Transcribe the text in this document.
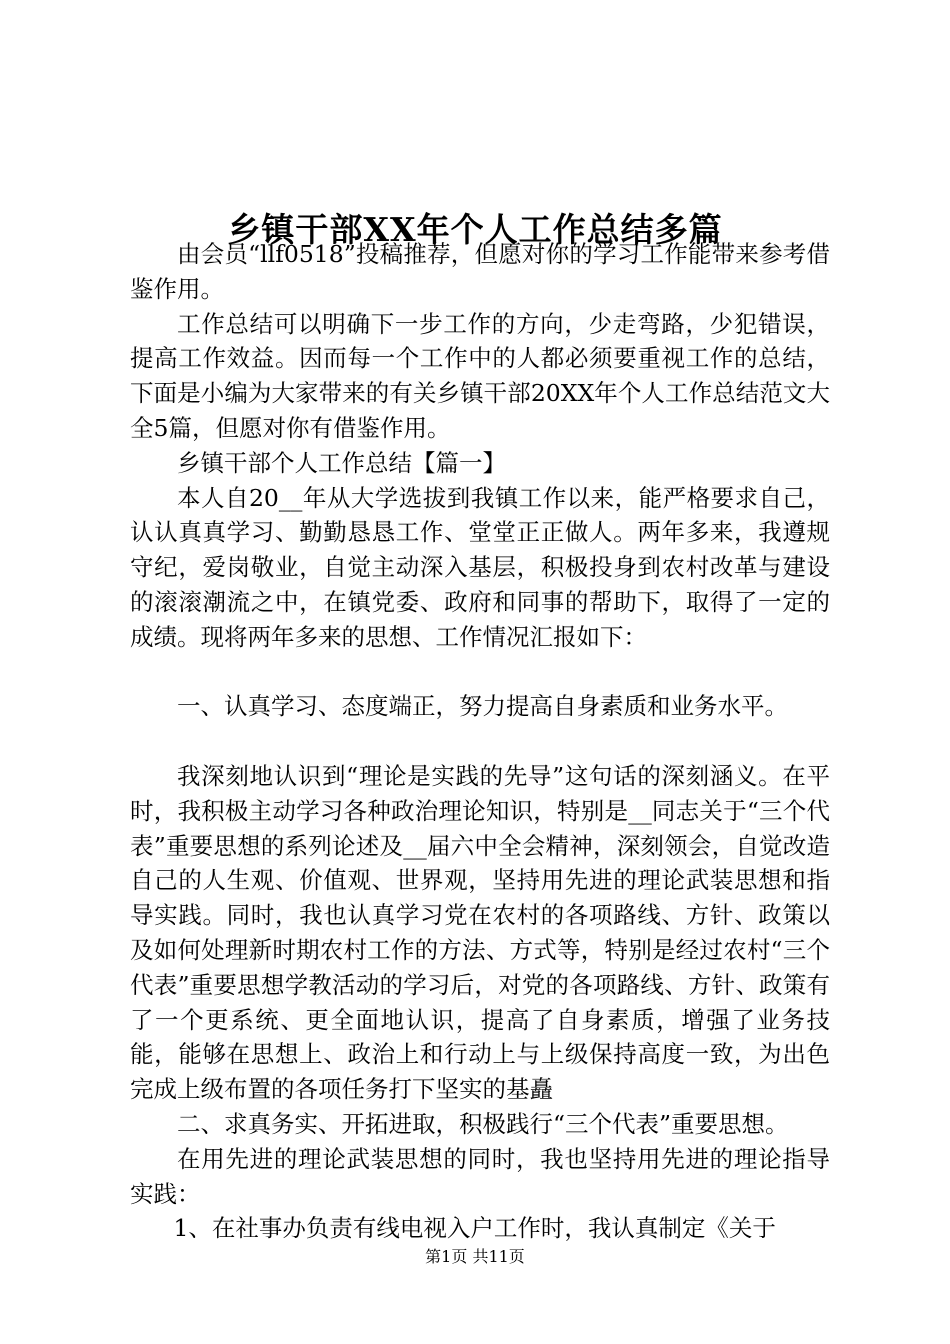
乡镇干部XX年个人工作总结多篇

由会员“llf0518”投稿推荐，但愿对你的学习工作能带来参考借鉴作用。

工作总结可以明确下一步工作的方向，少走弯路，少犯错误，提高工作效益。因而每一个工作中的人都必须要重视工作的总结，下面是小编为大家带来的有关乡镇干部20XX年个人工作总结范文大全5篇，但愿对你有借鉴作用。

乡镇干部个人工作总结【篇一】

本人自20__年从大学选拔到我镇工作以来，能严格要求自己，认认真真学习、勤勤恳恳工作、堂堂正正做人。两年多来，我遵规守纪，爱岗敬业，自觉主动深入基层，积极投身到农村改革与建设的滚滚潮流之中，在镇党委、政府和同事的帮助下，取得了一定的成绩。现将两年多来的思想、工作情况汇报如下：

一、认真学习、态度端正，努力提高自身素质和业务水平。

我深刻地认识到“理论是实践的先导”这句话的深刻涵义。在平时，我积极主动学习各种政治理论知识，特别是__同志关于“三个代表”重要思想的系列论述及__届六中全会精神，深刻领会，自觉改造自己的人生观、价值观、世界观，坚持用先进的理论武装思想和指导实践。同时，我也认真学习党在农村的各项路线、方针、政策以及如何处理新时期农村工作的方法、方式等，特别是经过农村“三个代表”重要思想学教活动的学习后，对党的各项路线、方针、政策有了一个更系统、更全面地认识，提高了自身素质，增强了业务技能，能够在思想上、政治上和行动上与上级保持高度一致，为出色完成上级布置的各项任务打下坚实的基矗

二、求真务实、开拓进取，积极践行“三个代表”重要思想。

在用先进的理论武装思想的同时，我也坚持用先进的理论指导实践：

1、在社事办负责有线电视入户工作时，我认真制定《关于

第1页 共11页
